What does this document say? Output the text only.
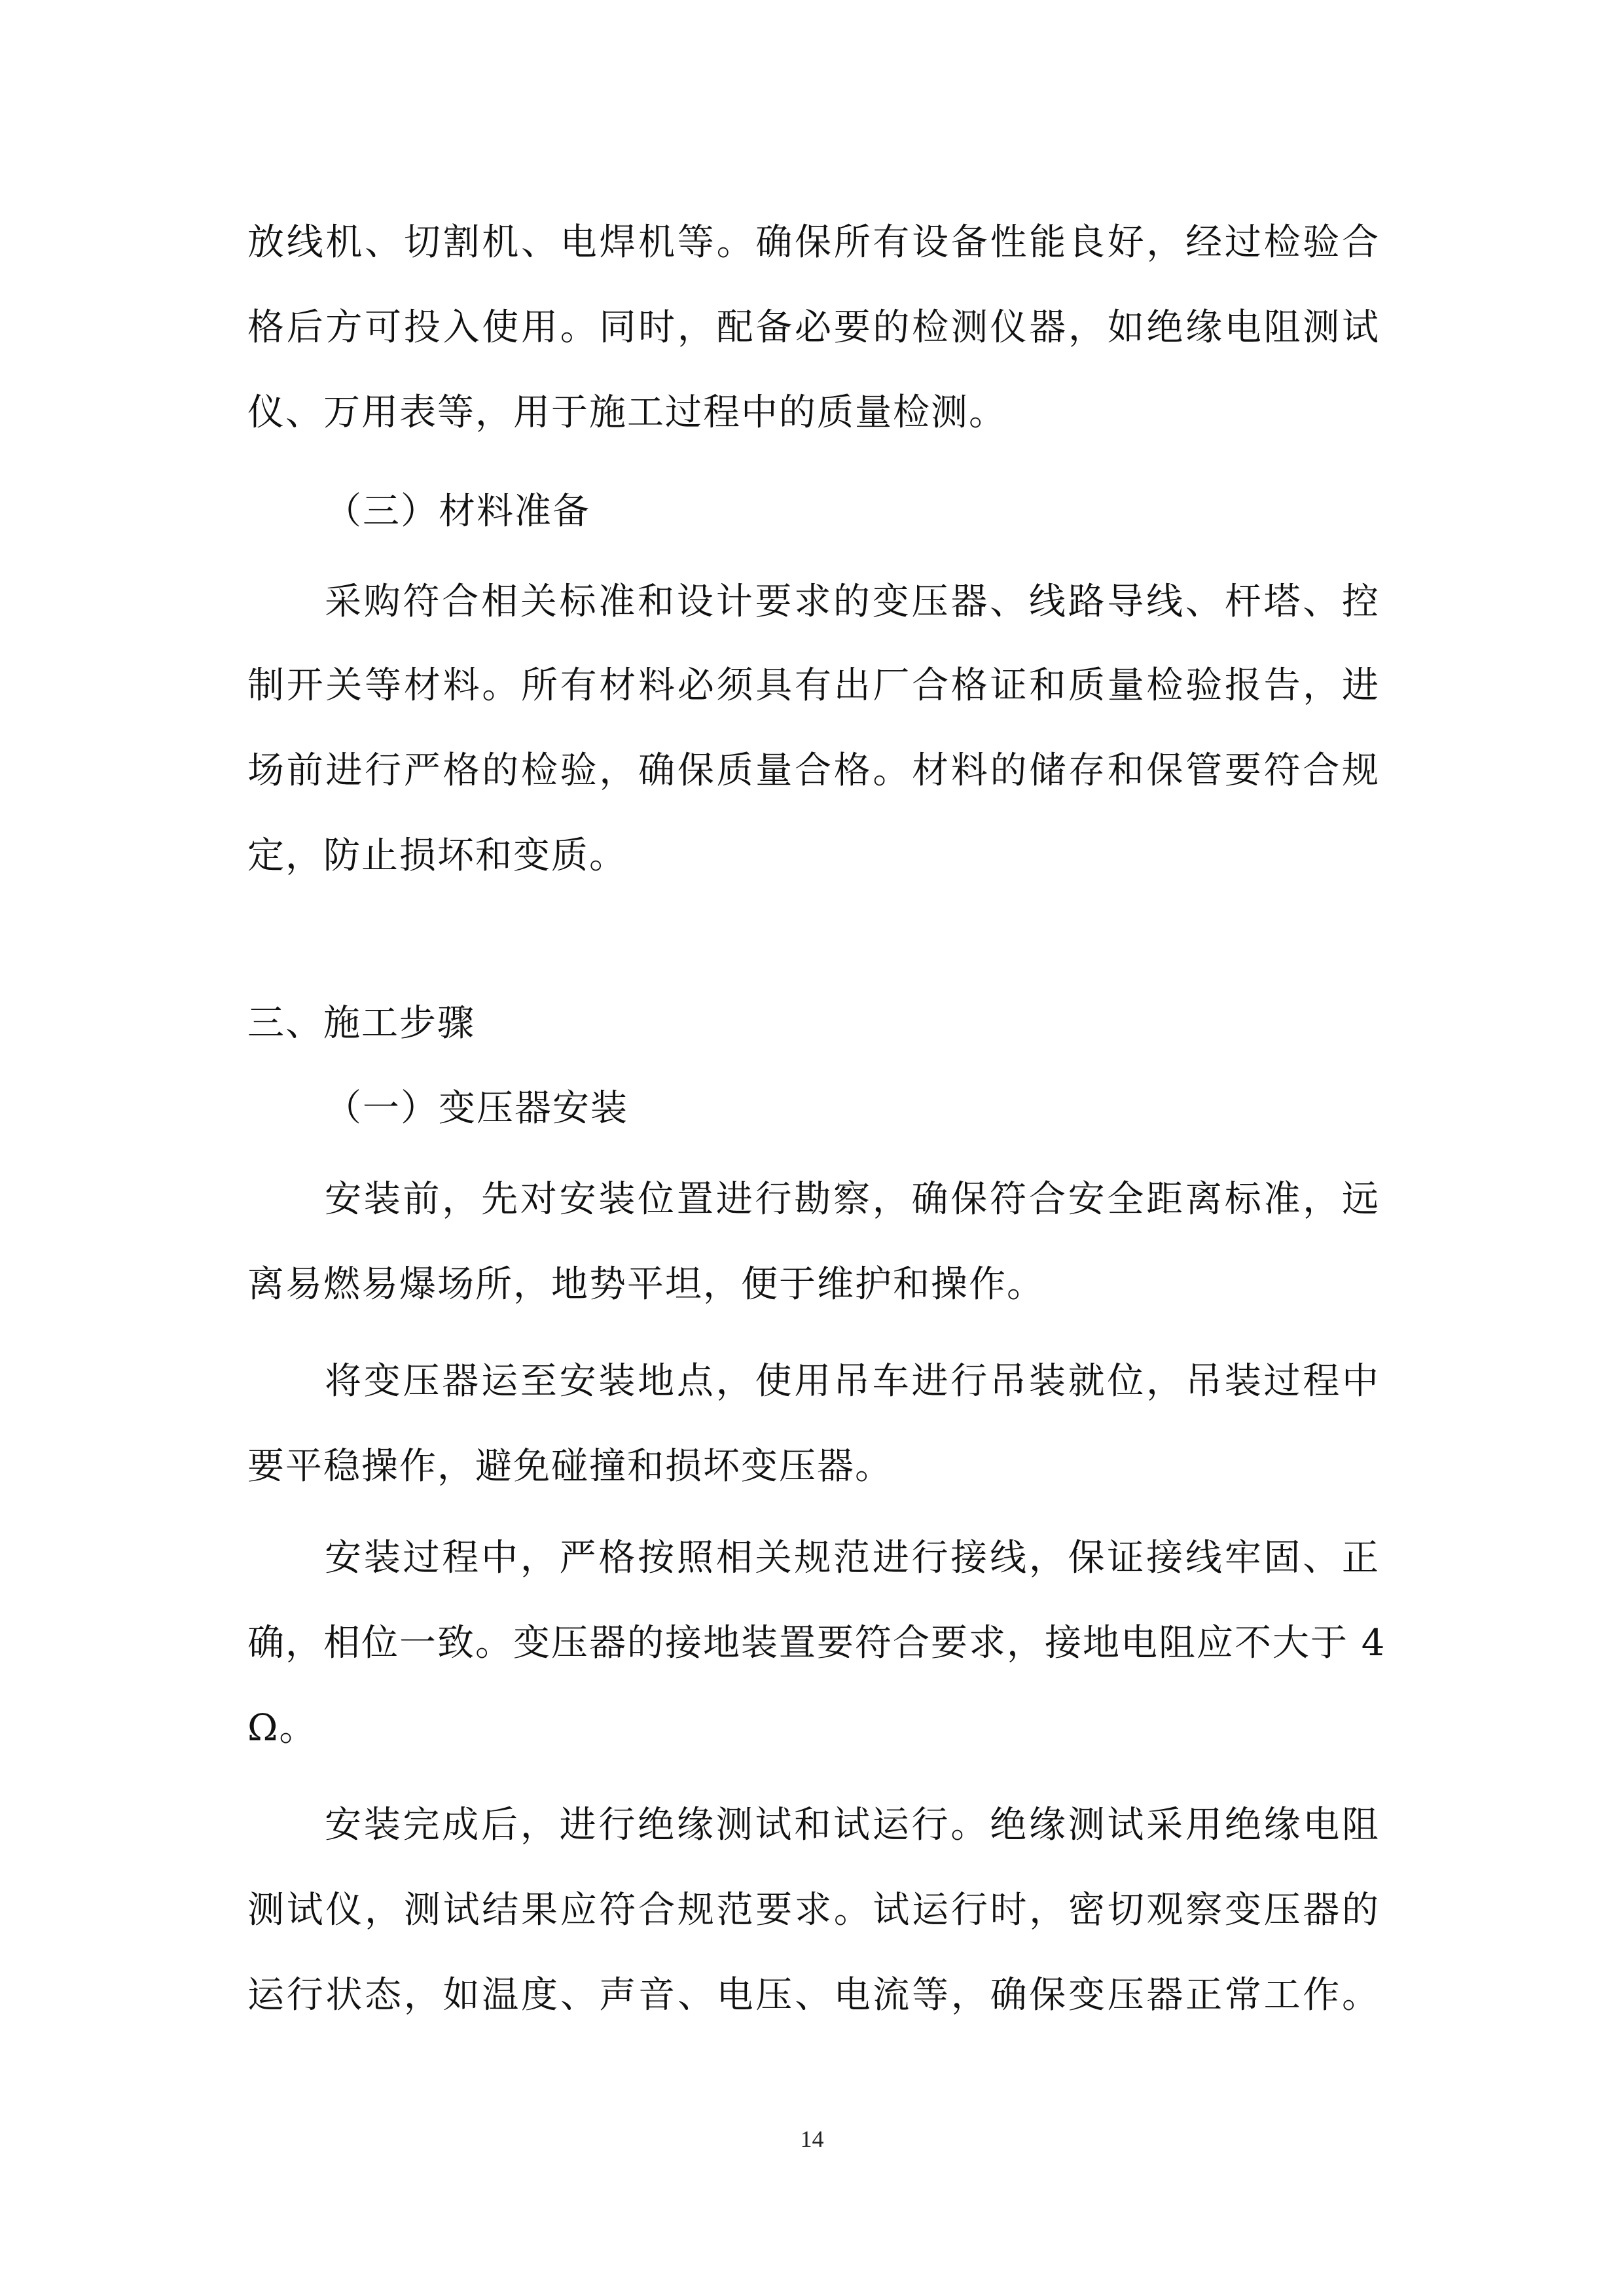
放线机、切割机、电焊机等。确保所有设备性能良好，经过检验合
格后方可投入使用。同时，配备必要的检测仪器，如绝缘电阻测试
仪、万用表等，用于施工过程中的质量检测。
（三）材料准备
采购符合相关标准和设计要求的变压器、线路导线、杆塔、控
制开关等材料。所有材料必须具有出厂合格证和质量检验报告，进
场前进行严格的检验，确保质量合格。材料的储存和保管要符合规
定，防止损坏和变质。
三、施工步骤
（一）变压器安装
安装前，先对安装位置进行勘察，确保符合安全距离标准，远
离易燃易爆场所，地势平坦，便于维护和操作。
将变压器运至安装地点，使用吊车进行吊装就位，吊装过程中
要平稳操作，避免碰撞和损坏变压器。
安装过程中，严格按照相关规范进行接线，保证接线牢固、正
确，相位一致。变压器的接地装置要符合要求，接地电阻应不大于 4
Ω。
安装完成后，进行绝缘测试和试运行。绝缘测试采用绝缘电阻
测试仪，测试结果应符合规范要求。试运行时，密切观察变压器的
运行状态，如温度、声音、电压、电流等，确保变压器正常工作。
14
